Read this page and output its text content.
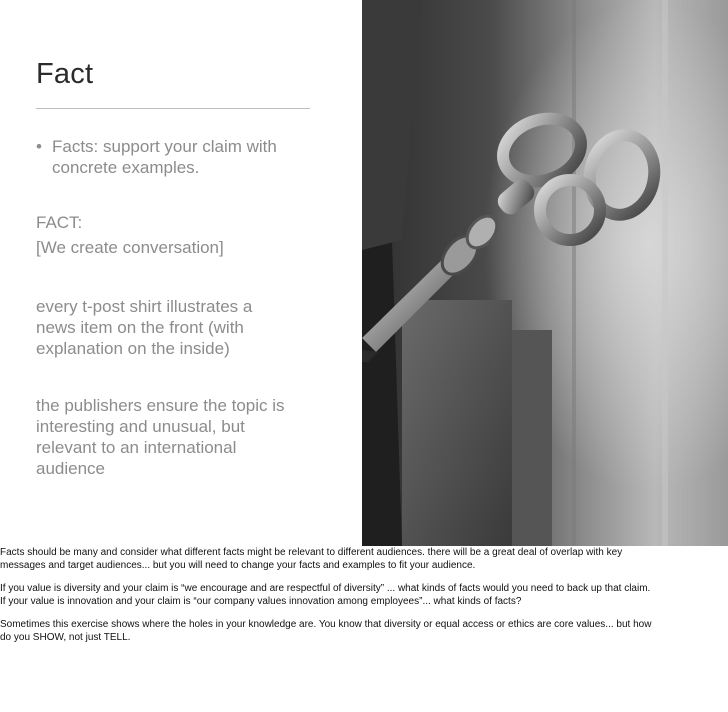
Fact
• Facts: support your claim with
concrete examples.
FACT:
[We create conversation]
every t-post shirt illustrates a
news item on the front (with
explanation on the inside)
the publishers ensure the topic is
interesting and unusual, but
relevant to an international
audience

Facts should be many and consider what different facts might be relevant to different audiences. there will be a great deal of overlap with key
messages and target audiences... but you will need to change your facts and examples to fit your audience.

If you value is diversity and your claim is “we encourage and are respectful of diversity” ... what kinds of facts would you need to back up that claim.
If your value is innovation and your claim is “our company values innovation among employees”... what kinds of facts?

Sometimes this exercise shows where the holes in your knowledge are. You know that diversity or equal access or ethics are core values... but how
do you SHOW, not just TELL.
